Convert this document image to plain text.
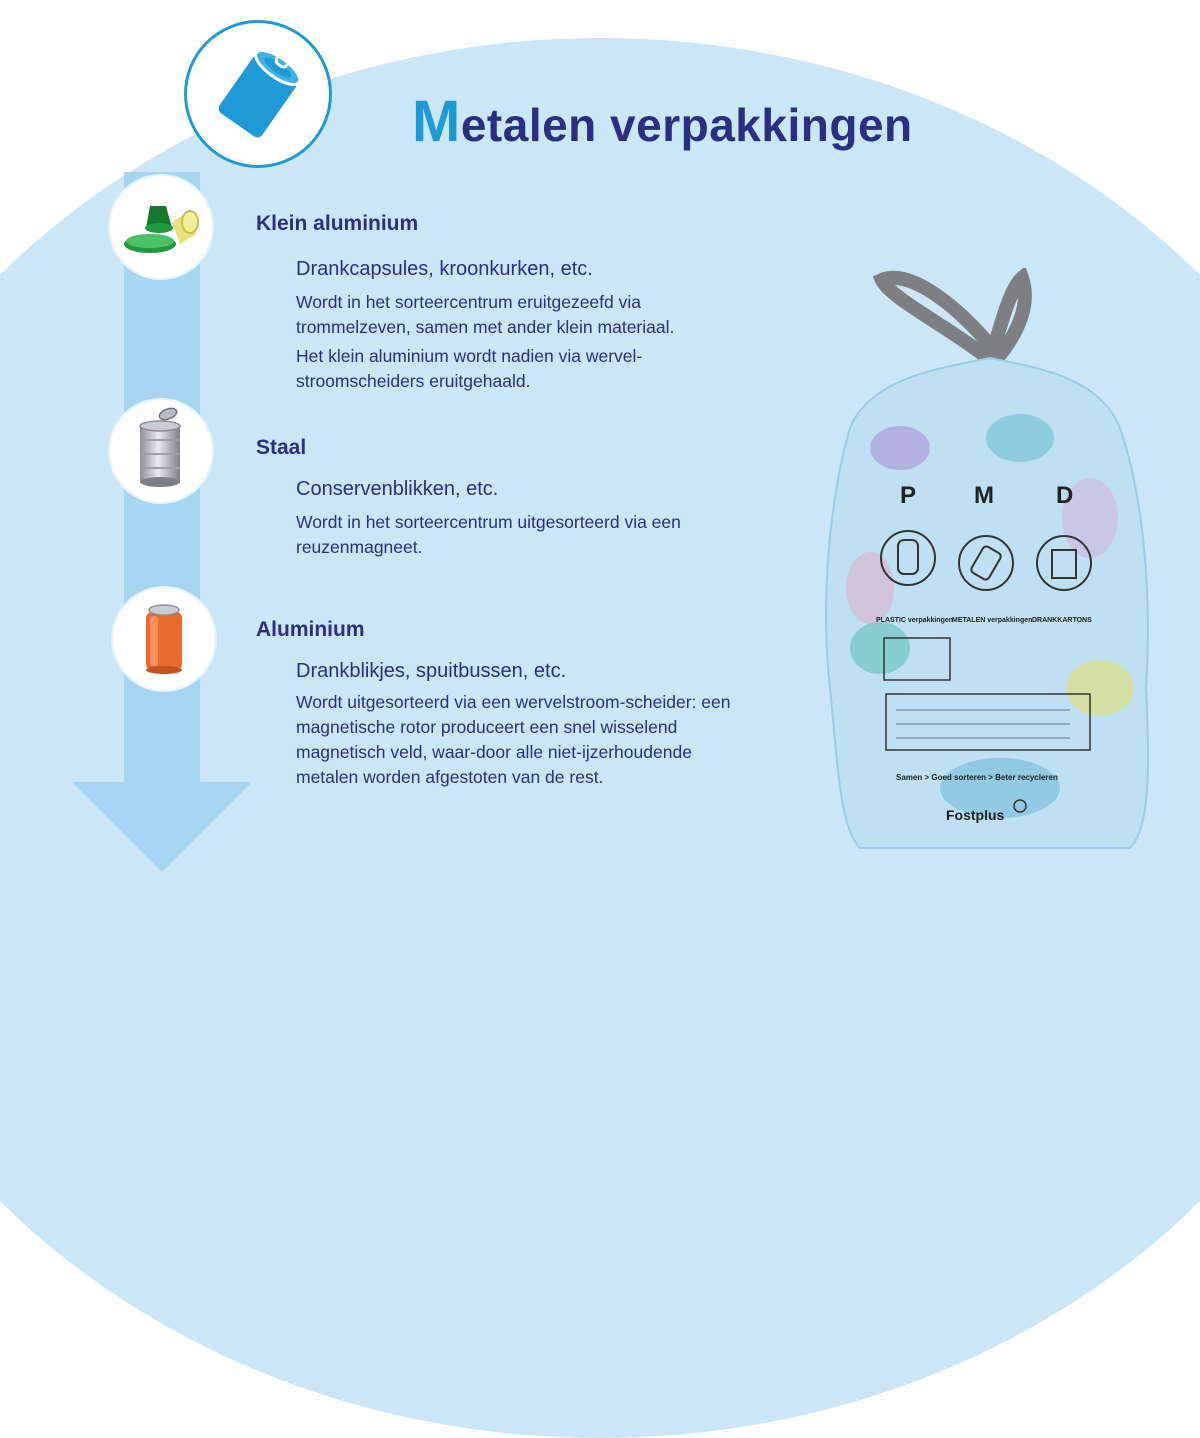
Metalen verpakkingen
Klein aluminium
Drankcapsules, kroonkurken, etc.
Wordt in het sorteercentrum eruitgezeefd via trommelzeven, samen met ander klein materiaal.
Het klein aluminium wordt nadien via wervel-stroomscheiders eruitgehaald.
Staal
Conservenblikken, etc.
Wordt in het sorteercentrum uitgesorteerd via een reuzenmagneet.
Aluminium
Drankblikjes, spuitbussen, etc.
Wordt uitgesorteerd via een wervelstroom-scheider: een magnetische rotor produceert een snel wisselend magnetisch veld, waar-door alle niet-ijzerhoudende metalen worden afgestoten van de rest.
P M	D
PLASTIC verpakkingen
METALEN verpakkingen DRANKKARTONS
Samen > Goed sorteren > Beter recycleren
Fostplus
